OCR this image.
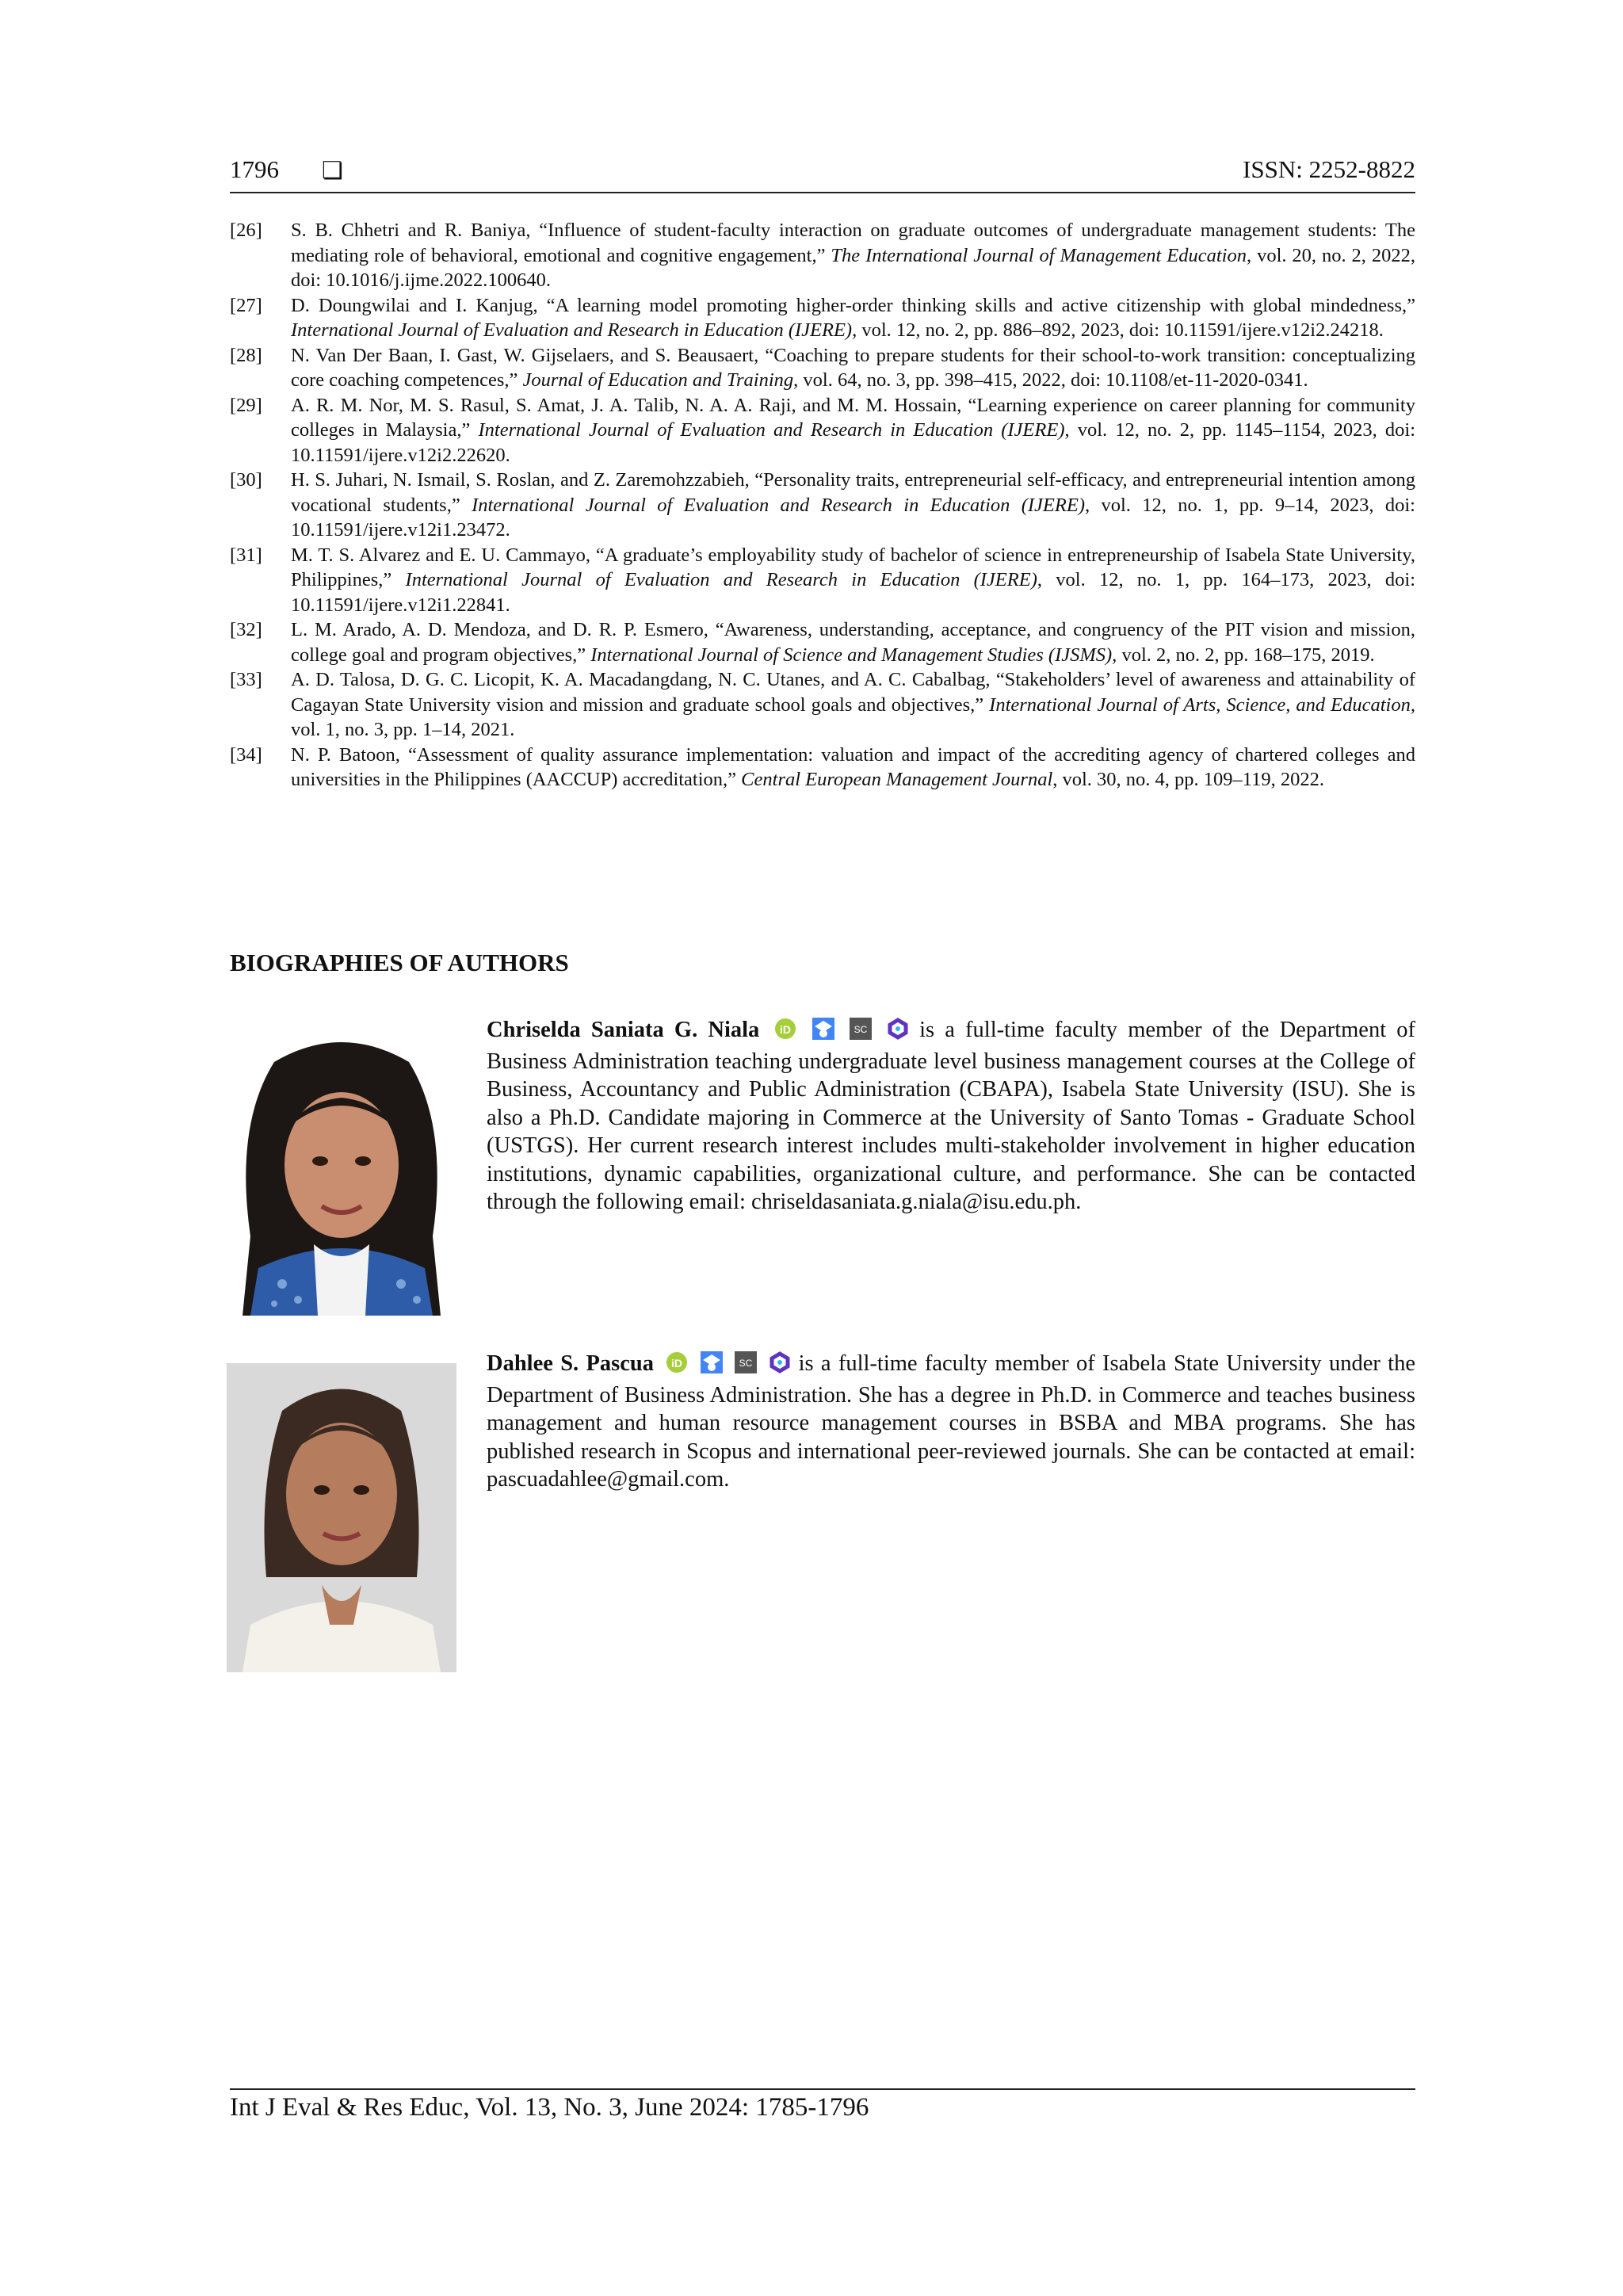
1796 ❏	ISSN: 2252-8822
[26]	S. B. Chhetri and R. Baniya, “Influence of student-faculty interaction on graduate outcomes of undergraduate management students: The mediating role of behavioral, emotional and cognitive engagement,” The International Journal of Management Education, vol. 20, no. 2, 2022, doi: 10.1016/j.ijme.2022.100640.
[27]	D. Doungwilai and I. Kanjug, “A learning model promoting higher-order thinking skills and active citizenship with global mindedness,” International Journal of Evaluation and Research in Education (IJERE), vol. 12, no. 2, pp. 886–892, 2023, doi: 10.11591/ijere.v12i2.24218.
[28]	N. Van Der Baan, I. Gast, W. Gijselaers, and S. Beausaert, “Coaching to prepare students for their school-to-work transition: conceptualizing core coaching competences,” Journal of Education and Training, vol. 64, no. 3, pp. 398–415, 2022, doi: 10.1108/et-11-2020-0341.
[29]	A. R. M. Nor, M. S. Rasul, S. Amat, J. A. Talib, N. A. A. Raji, and M. M. Hossain, “Learning experience on career planning for community colleges in Malaysia,” International Journal of Evaluation and Research in Education (IJERE), vol. 12, no. 2, pp. 1145–1154, 2023, doi: 10.11591/ijere.v12i2.22620.
[30]	H. S. Juhari, N. Ismail, S. Roslan, and Z. Zaremohzzabieh, “Personality traits, entrepreneurial self-efficacy, and entrepreneurial intention among vocational students,” International Journal of Evaluation and Research in Education (IJERE), vol. 12, no. 1, pp. 9–14, 2023, doi: 10.11591/ijere.v12i1.23472.
[31]	M. T. S. Alvarez and E. U. Cammayo, “A graduate’s employability study of bachelor of science in entrepreneurship of Isabela State University, Philippines,” International Journal of Evaluation and Research in Education (IJERE), vol. 12, no. 1, pp. 164–173, 2023, doi: 10.11591/ijere.v12i1.22841.
[32]	L. M. Arado, A. D. Mendoza, and D. R. P. Esmero, “Awareness, understanding, acceptance, and congruency of the PIT vision and mission, college goal and program objectives,” International Journal of Science and Management Studies (IJSMS), vol. 2, no. 2, pp. 168–175, 2019.
[33]	A. D. Talosa, D. G. C. Licopit, K. A. Macadangdang, N. C. Utanes, and A. C. Cabalbag, “Stakeholders’ level of awareness and attainability of Cagayan State University vision and mission and graduate school goals and objectives,” International Journal of Arts, Science, and Education, vol. 1, no. 3, pp. 1–14, 2021.
[34]	N. P. Batoon, “Assessment of quality assurance implementation: valuation and impact of the accrediting agency of chartered colleges and universities in the Philippines (AACCUP) accreditation,” Central European Management Journal, vol. 30, no. 4, pp. 109–119, 2022.
BIOGRAPHIES OF AUTHORS
Chriselda Saniata G. Niala iD
	SC is a full-time faculty member of the Department of Business Administration teaching undergraduate level business management courses at the College of Business, Accountancy and Public Administration (CBAPA), Isabela State University (ISU). She is also a Ph.D. Candidate majoring in Commerce at the University of Santo Tomas - Graduate School (USTGS). Her current research interest includes multi-stakeholder involvement in higher education institutions, dynamic capabilities, organizational culture, and performance. She can be contacted through the following email: chriseldasaniata.g.niala@isu.edu.ph.
Dahlee S. Pascua iD
	SC is a full-time faculty member of Isabela State University under the Department of Business Administration. She has a degree in Ph.D. in Commerce and teaches business management and human resource management courses in BSBA and MBA programs. She has published research in Scopus and international peer-reviewed journals. She can be contacted at email: pascuadahlee@gmail.com.
Int J Eval & Res Educ, Vol. 13, No. 3, June 2024: 1785-1796
